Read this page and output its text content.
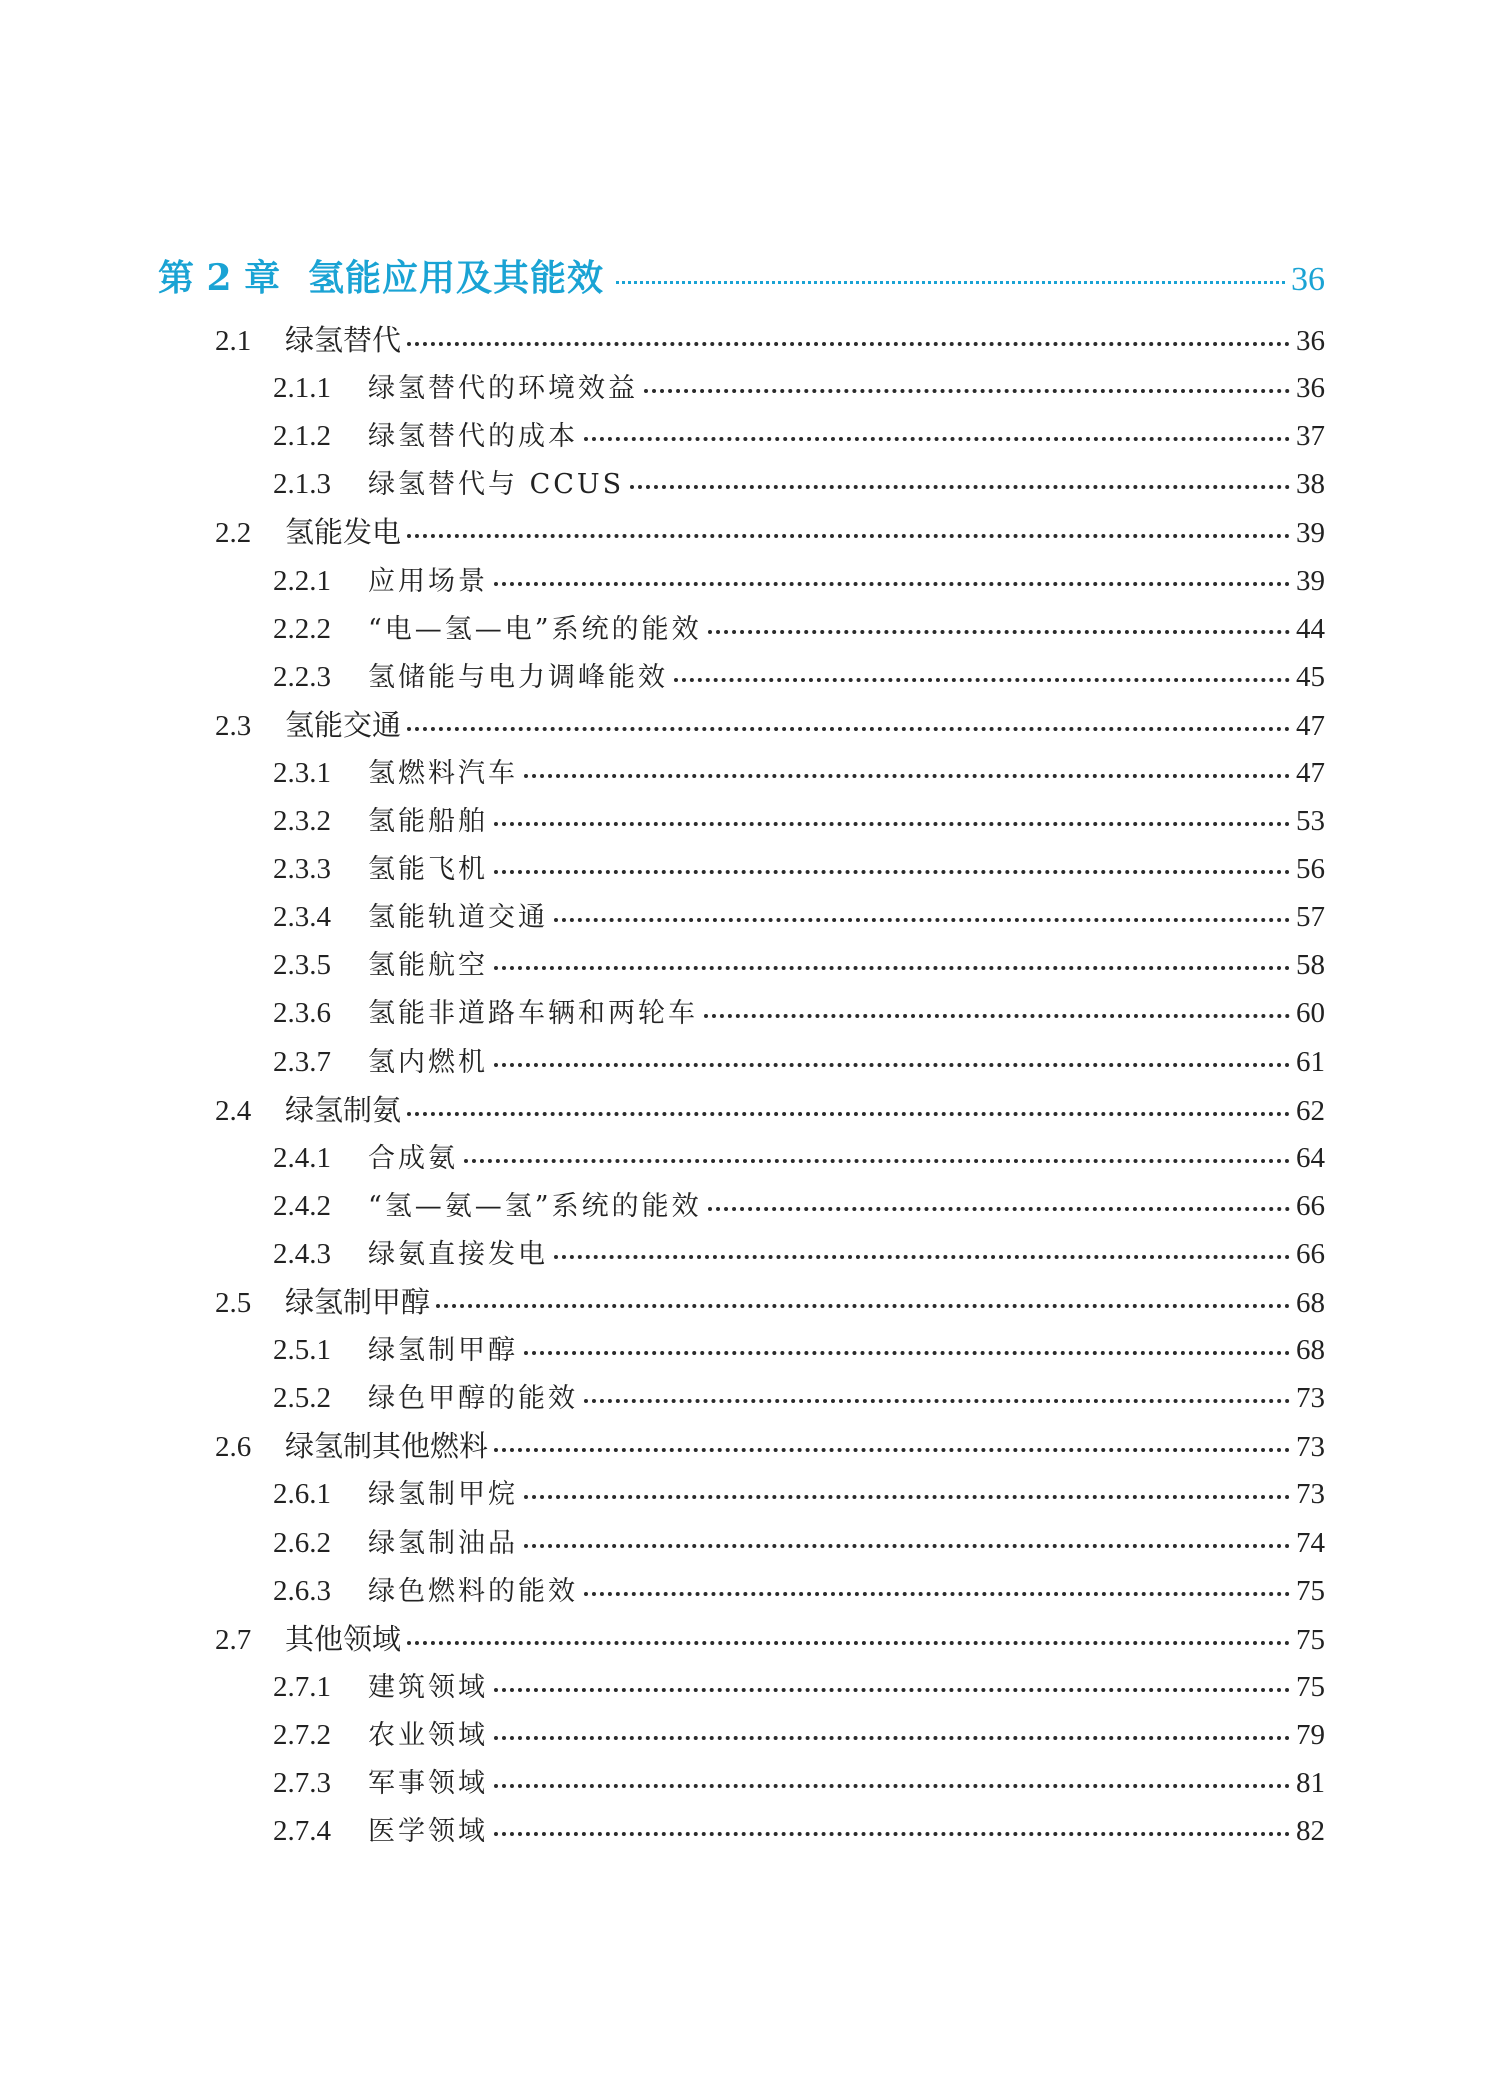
第 2 章 氢能应用及其能效	36
2.1	绿氢替代	36
2.1.1	绿氢替代的环境效益	36
2.1.2	绿氢替代的成本	37
2.1.3	绿氢替代与 CCUS	38
2.2	氢能发电	39
2.2.1	应用场景	39
2.2.2	“电—氢—电”系统的能效	44
2.2.3	氢储能与电力调峰能效	45
2.3	氢能交通	47
2.3.1	氢燃料汽车	47
2.3.2	氢能船舶	53
2.3.3	氢能飞机	56
2.3.4	氢能轨道交通	57
2.3.5	氢能航空	58
2.3.6	氢能非道路车辆和两轮车	60
2.3.7	氢内燃机	61
2.4	绿氢制氨	62
2.4.1	合成氨	64
2.4.2	“氢—氨—氢”系统的能效	66
2.4.3	绿氨直接发电	66
2.5	绿氢制甲醇	68
2.5.1	绿氢制甲醇	68
2.5.2	绿色甲醇的能效	73
2.6	绿氢制其他燃料	73
2.6.1	绿氢制甲烷	73
2.6.2	绿氢制油品	74
2.6.3	绿色燃料的能效	75
2.7	其他领域	75
2.7.1	建筑领域	75
2.7.2	农业领域	79
2.7.3	军事领域	81
2.7.4	医学领域	82
